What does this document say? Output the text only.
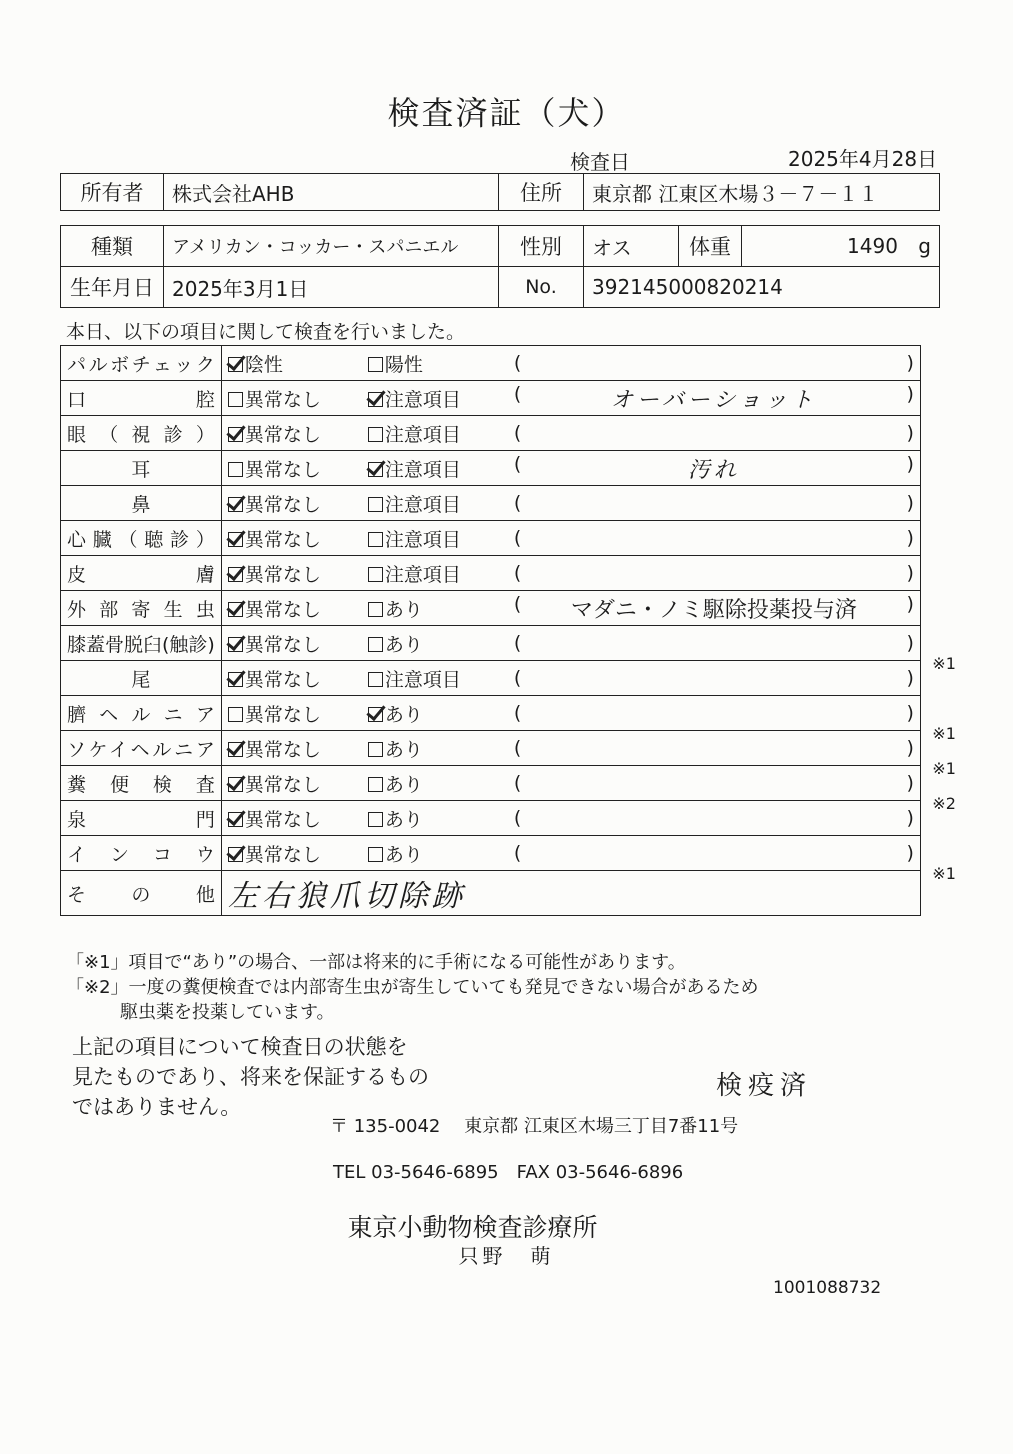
検査済証（犬）
検査日	2025年4月28日
所有者	株式会社AHB	住所	東京都 江東区木場３－７－１１
種類	アメリカン・コッカー・スパニエル	性別	オス	体重	1490 g
生年月日	2025年3月1日	No.	392145000820214		
本日、以下の項目に関して検査を行いました。
パルボチェック	陰性 陽性	( )

口腔	異常なし 注意項目	( オーバーショット )

眼（視診）	異常なし 注意項目	( )

耳	異常なし 注意項目	( 汚れ )

鼻	異常なし 注意項目	( )

心臓（聴診）	異常なし 注意項目	( )

皮膚	異常なし 注意項目	( )

外部寄生虫	異常なし あり	( マダニ・ノミ駆除投薬投与済 )

膝蓋骨脱臼(触診)	異常なし あり	( )
※1

尾	異常なし 注意項目	( )

臍ヘルニア	異常なし あり	( )
※1

ソケイヘルニア	異常なし あり	( )
※1

糞便検査	異常なし あり	( )
※2

泉門	異常なし あり	( )

インコウ	異常なし あり	( )
※1

その他	左右狼爪切除跡	
「※1」項目で“あり”の場合、一部は将来的に手術になる可能性があります。
「※2」一度の糞便検査では内部寄生虫が寄生していても発見できない場合があるため
駆虫薬を投薬しています。
上記の項目について検査日の状態を
見たものであり、将来を保証するもの
ではありません。
検疫済
〒 135-0042　 東京都 江東区木場三丁目7番11号
TEL 03-5646-6895　FAX 03-5646-6896
東京小動物検査診療所
只野　萌
1001088732
